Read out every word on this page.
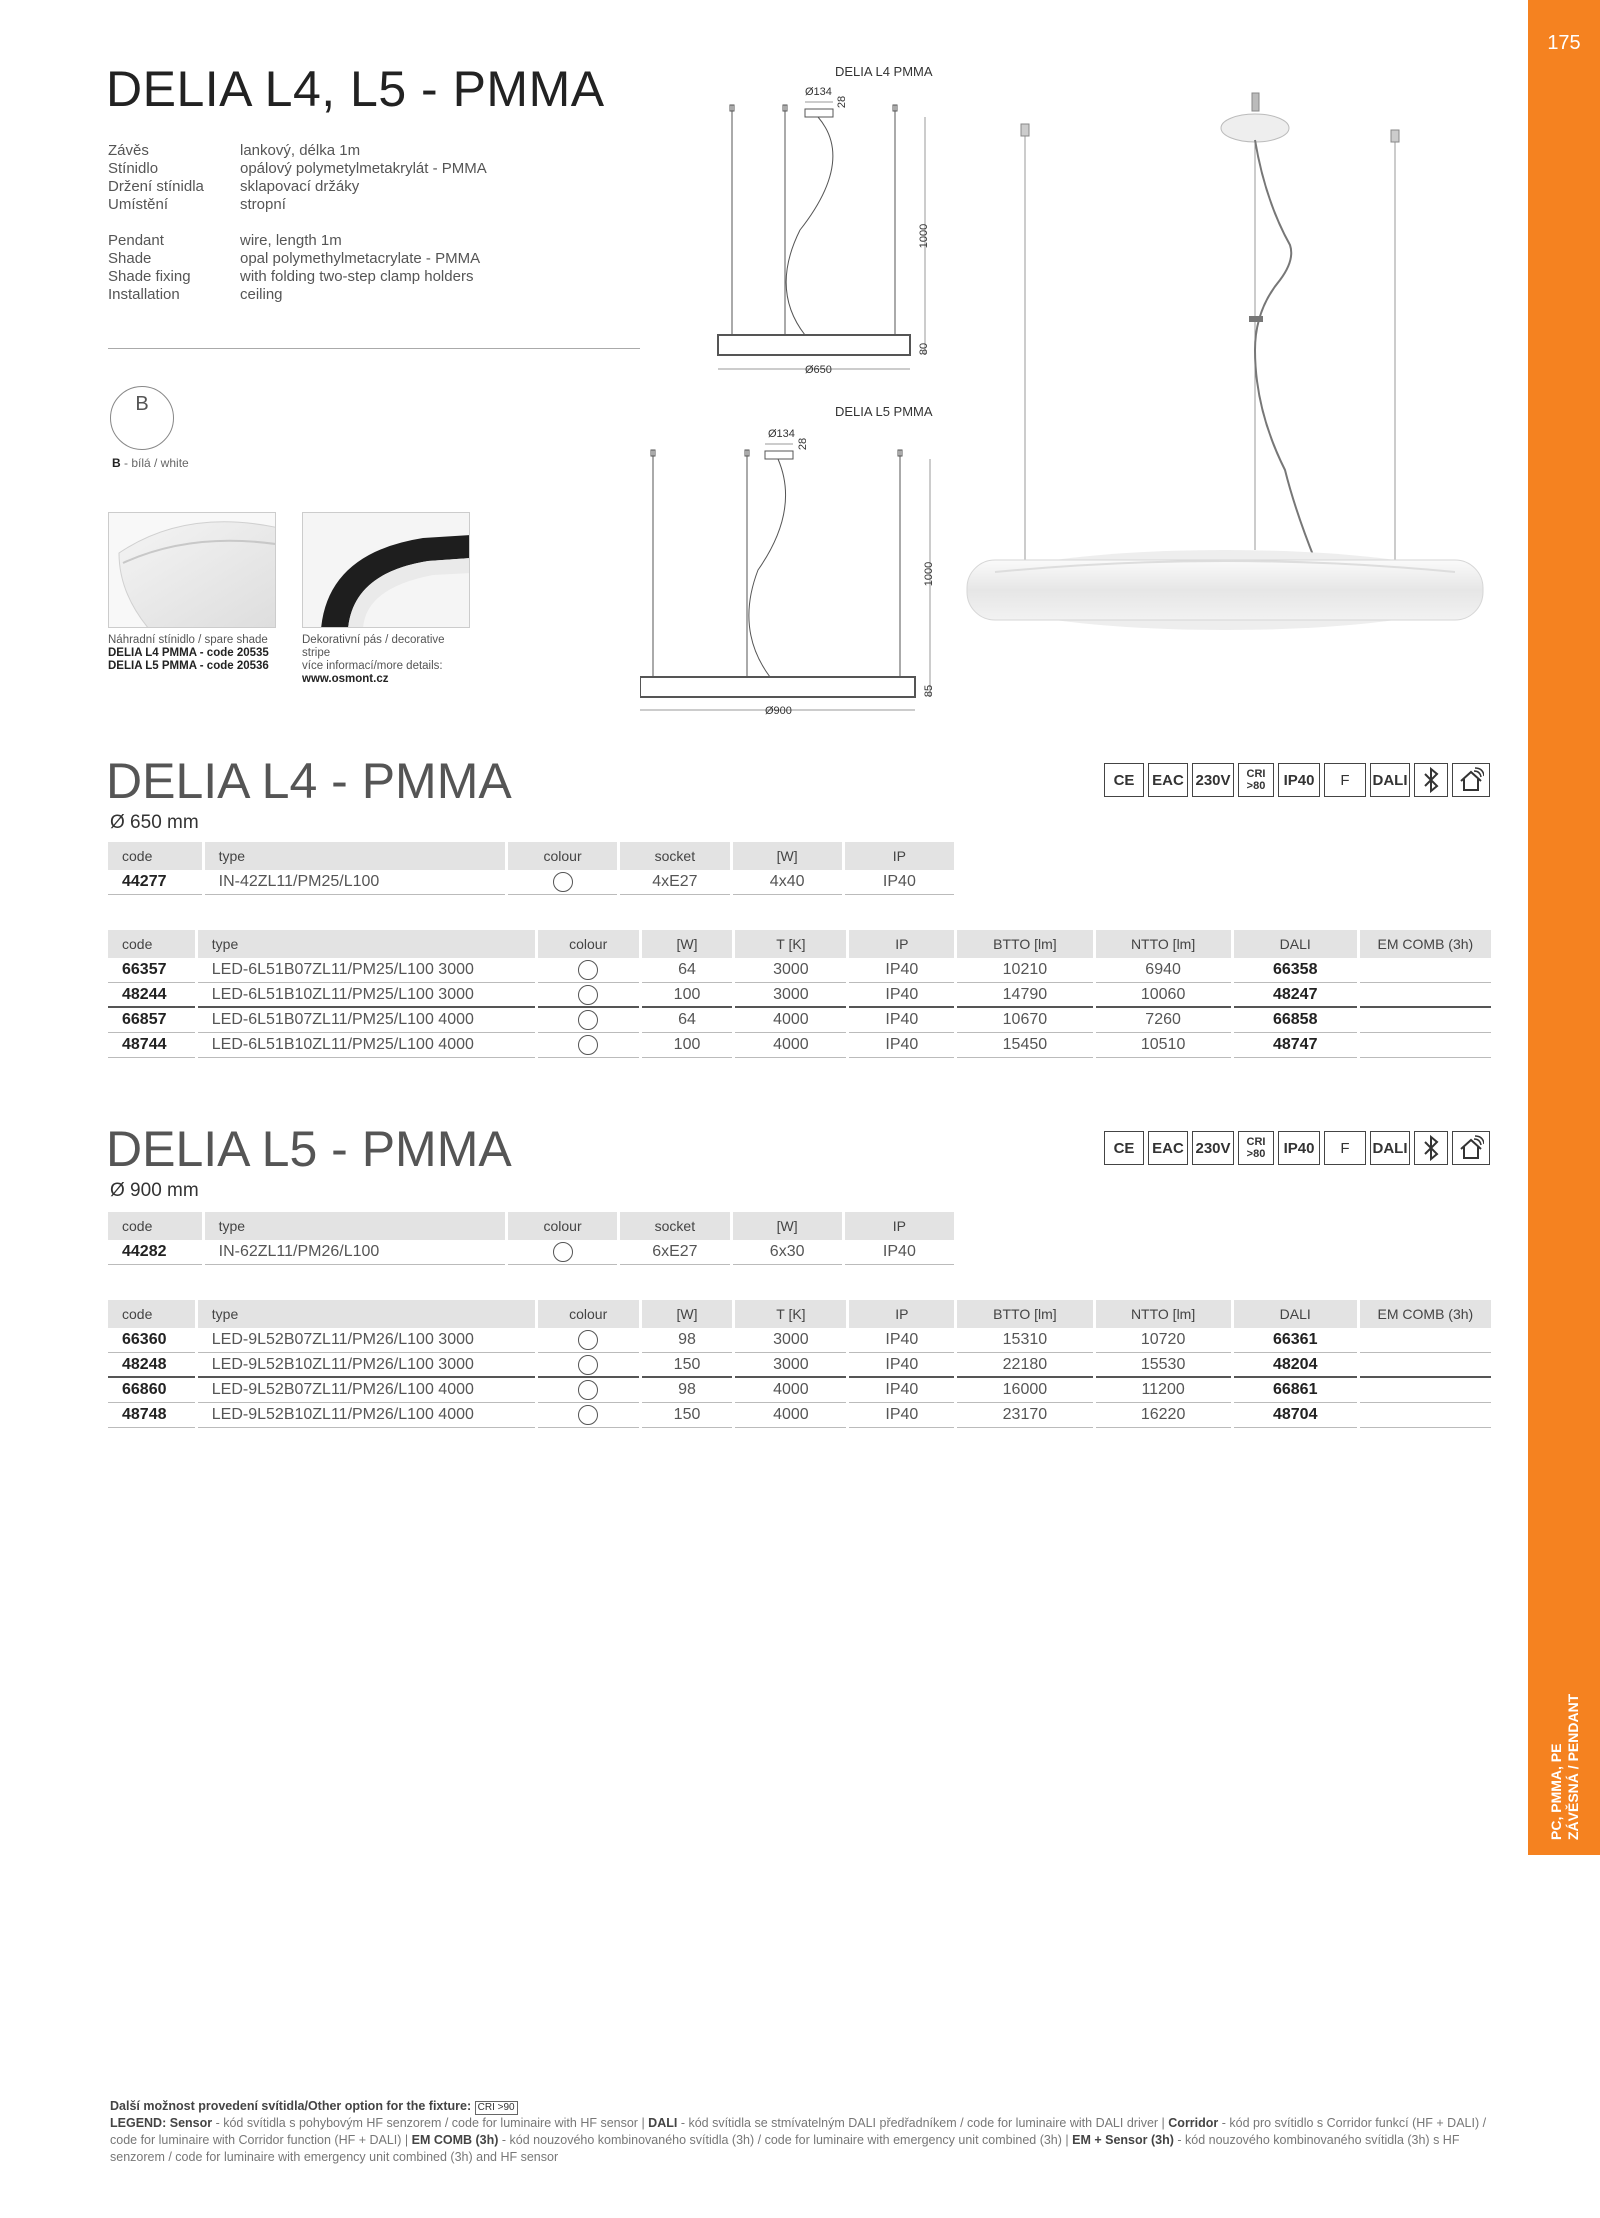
175
PC, PMMA, PE ZÁVĚSNÁ / PENDANT
DELIA L4, L5 - PMMA
Závěs	lankový, délka 1m
Stínidlo	opálový polymetylmetakrylát - PMMA
Držení stínidla	sklapovací držáky
Umístění	stropní
Pendant	wire, length 1m
Shade	opal polymethylmetacrylate - PMMA
Shade fixing	with folding two-step clamp holders
Installation	ceiling
B
B - bílá / white
Náhradní stínidlo / spare shade
DELIA L4 PMMA - code 20535
DELIA L5 PMMA - code 20536
Dekorativní pás / decorative
stripe
více informací/more details:
www.osmont.cz
DELIA L4 PMMA
Ø134
28
1000
80
Ø650
DELIA L5 PMMA
Ø134
28
1000
85
Ø900
DELIA L4 - PMMA
Ø 650 mm
CE	EAC 230V	CRI >80	IP40	F	DALI
code	type	colour	socket	[W]	IP
44277	IN-42ZL11/PM25/L100		4xE27	4x40	IP40
code	type	colour	[W]	T [K]	IP	BTTO [lm]	NTTO [lm]	DALI	EM COMB (3h)
66357	LED-6L51B07ZL11/PM25/L100 3000		64	3000	IP40	10210	6940	66358	
48244	LED-6L51B10ZL11/PM25/L100 3000		100	3000	IP40	14790	10060	48247	
66857	LED-6L51B07ZL11/PM25/L100 4000		64	4000	IP40	10670	7260	66858	
48744	LED-6L51B10ZL11/PM25/L100 4000		100	4000	IP40	15450	10510	48747	
DELIA L5 - PMMA
Ø 900 mm
CE	EAC 230V	CRI >80	IP40	F	DALI
code	type	colour	socket	[W]	IP
44282	IN-62ZL11/PM26/L100		6xE27	6x30	IP40
code	type	colour	[W]	T [K]	IP	BTTO [lm]	NTTO [lm]	DALI	EM COMB (3h)
66360	LED-9L52B07ZL11/PM26/L100 3000		98	3000	IP40	15310	10720	66361	
48248	LED-9L52B10ZL11/PM26/L100 3000		150	3000	IP40	22180	15530	48204	
66860	LED-9L52B07ZL11/PM26/L100 4000		98	4000	IP40	16000	11200	66861	
48748	LED-9L52B10ZL11/PM26/L100 4000		150	4000	IP40	23170	16220	48704	
Další možnost provedení svítidla/Other option for the fixture: CRI >90
LEGEND: Sensor - kód svítidla s pohybovým HF senzorem / code for luminaire with HF sensor | DALI - kód svítidla se stmívatelným DALI předřadníkem / code for luminaire with DALI driver | Corridor - kód pro svítidlo s Corridor funkcí (HF + DALI) / code for luminaire with Corridor function (HF + DALI) | EM COMB (3h) - kód nouzového kombinovaného svítidla (3h) / code for luminaire with emergency unit combined (3h) | EM + Sensor (3h) - kód nouzového kombinovaného svítidla (3h) s HF senzorem / code for luminaire with emergency unit combined (3h) and HF sensor
